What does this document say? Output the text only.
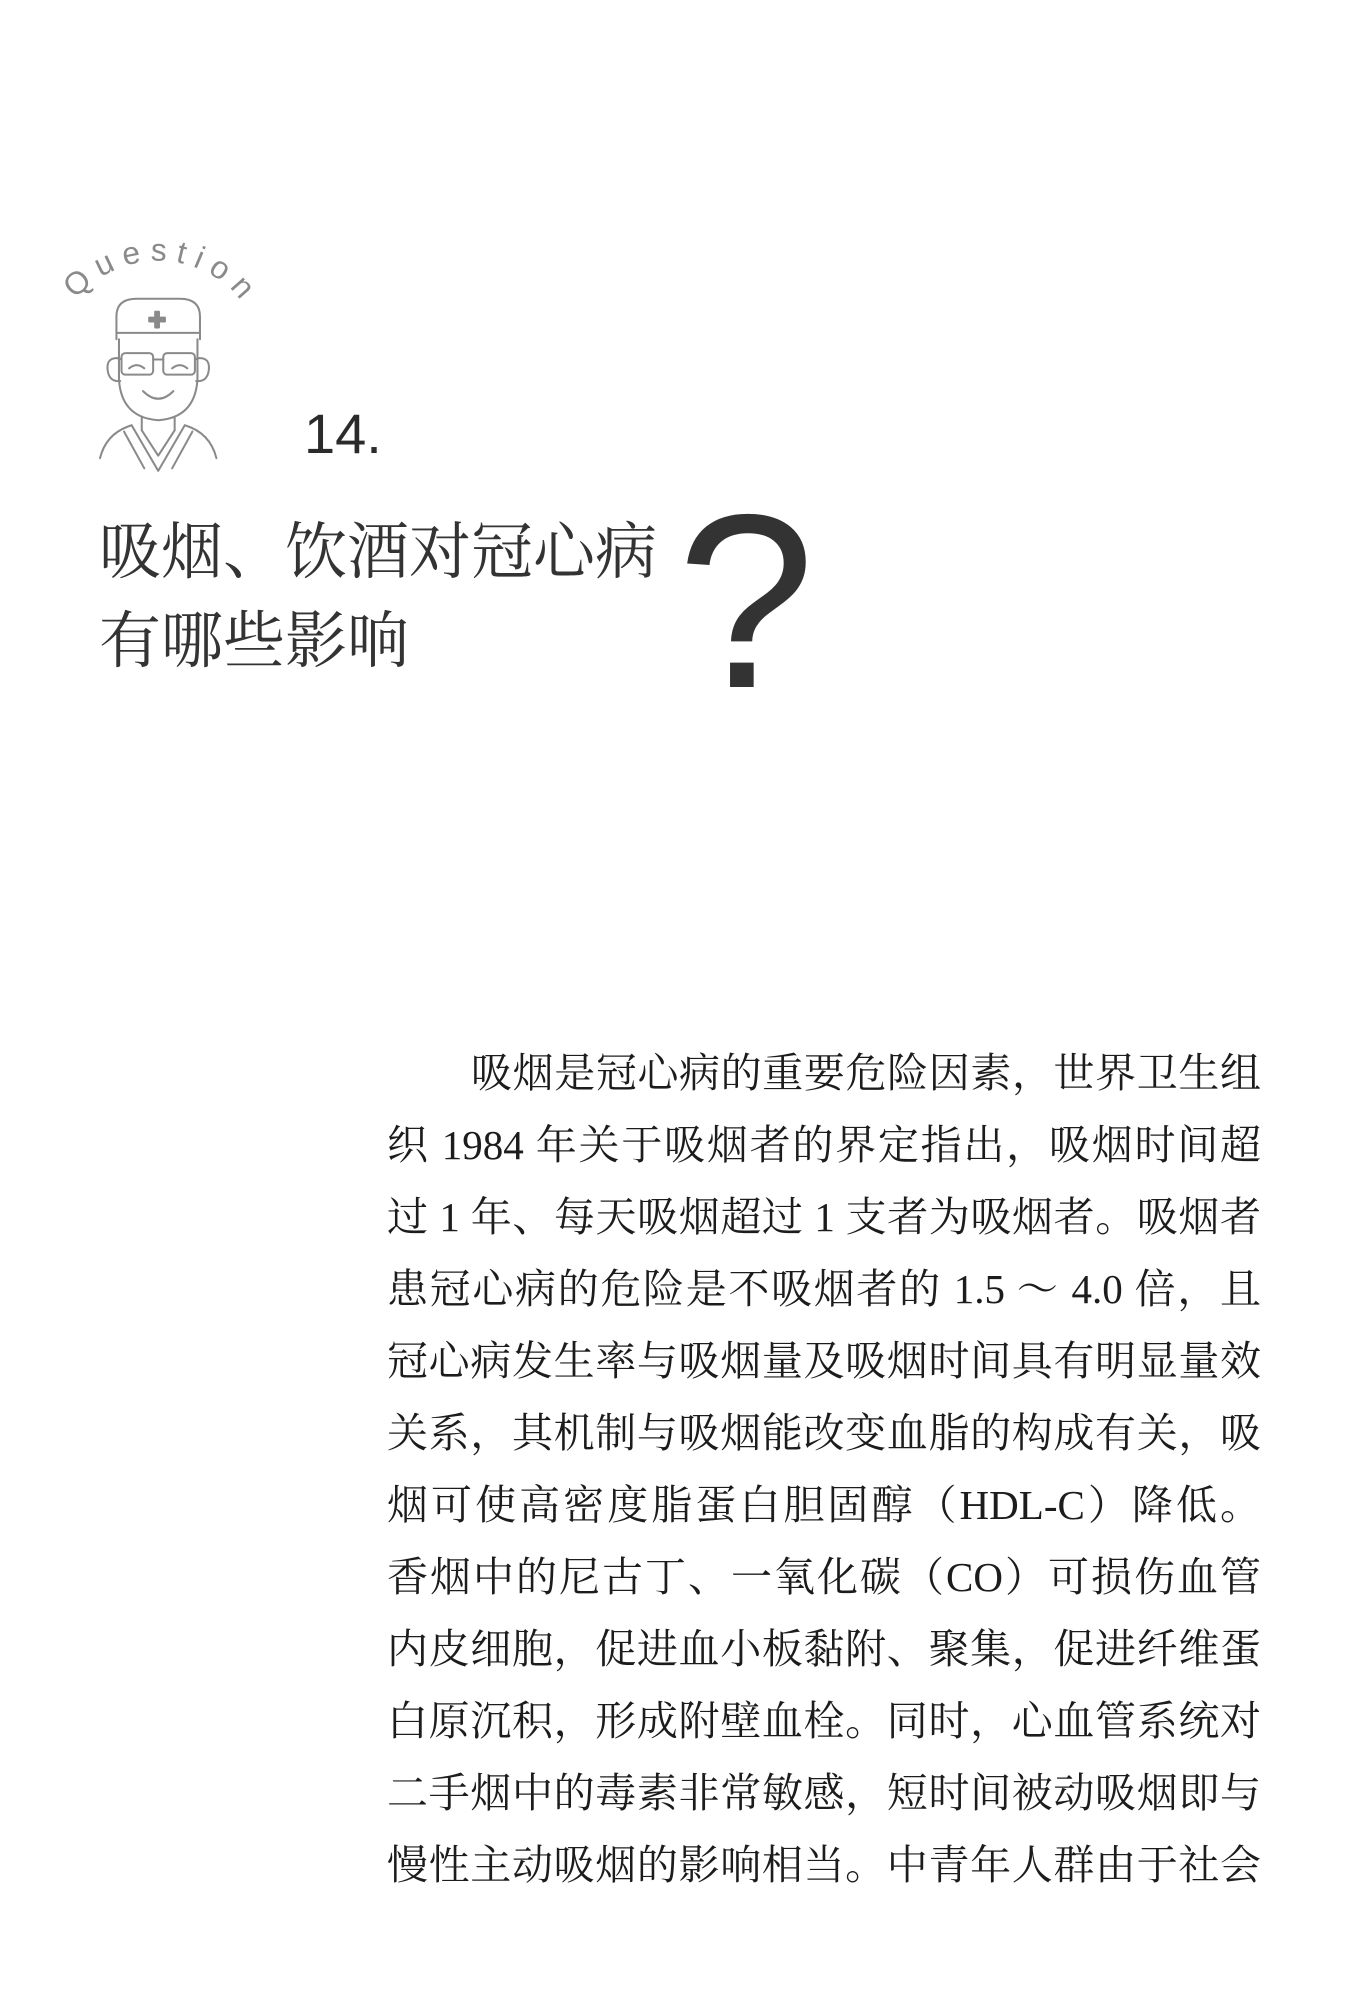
Question
14.
吸烟、饮酒对冠心病
有哪些影响	?
吸烟是冠心病的重要危险因素，世界卫生组
织 1984 年关于吸烟者的界定指出，吸烟时间超
过 1 年、每天吸烟超过 1 支者为吸烟者。吸烟者
患冠心病的危险是不吸烟者的 1.5 ～ 4.0 倍，且
冠心病发生率与吸烟量及吸烟时间具有明显量效
关系，其机制与吸烟能改变血脂的构成有关，吸
烟可使高密度脂蛋白胆固醇（HDL-C）降低。
香烟中的尼古丁、一氧化碳（CO）可损伤血管
内皮细胞，促进血小板黏附、聚集，促进纤维蛋
白原沉积，形成附壁血栓。同时，心血管系统对
二手烟中的毒素非常敏感，短时间被动吸烟即与
慢性主动吸烟的影响相当。中青年人群由于社会
